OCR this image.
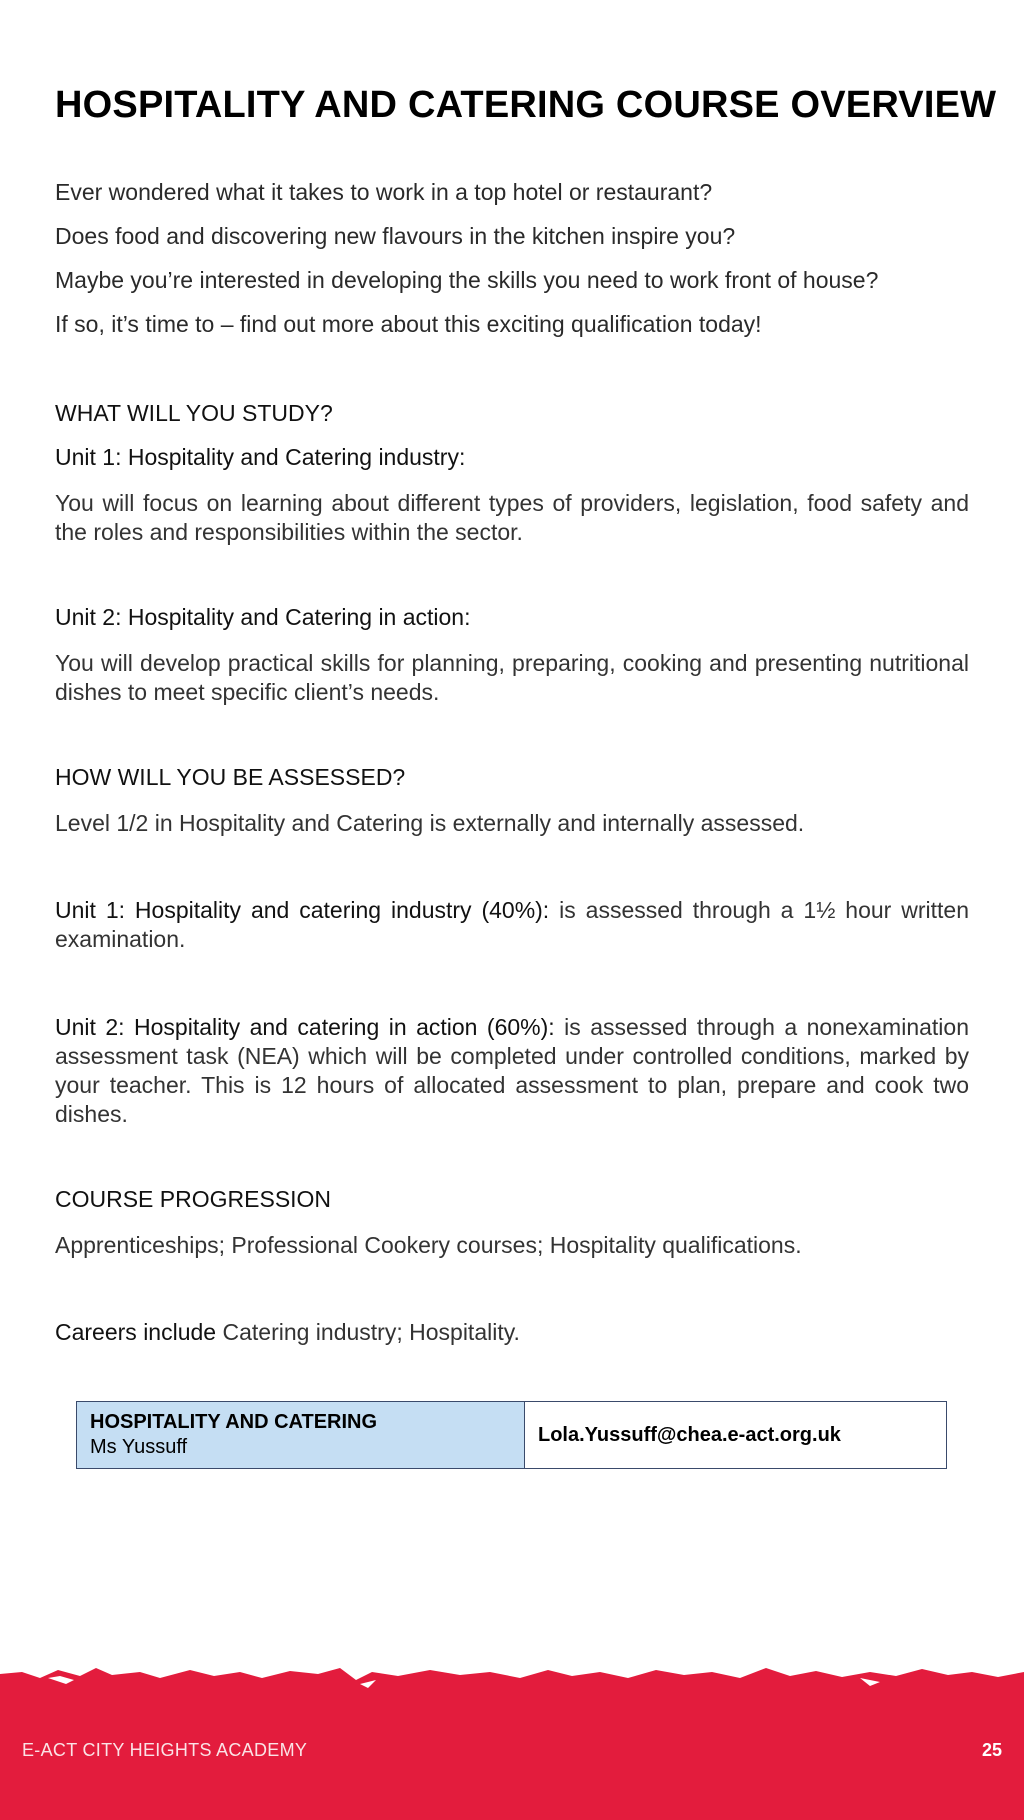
HOSPITALITY AND CATERING COURSE OVERVIEW

Ever wondered what it takes to work in a top hotel or restaurant?

Does food and discovering new flavours in the kitchen inspire you?

Maybe you’re interested in developing the skills you need to work front of house?

If so, it’s time to – find out more about this exciting qualification today!

WHAT WILL YOU STUDY?
Unit 1: Hospitality and Catering industry:

You will focus on learning about different types of providers, legislation, food safety and the roles and responsibilities within the sector.

Unit 2: Hospitality and Catering in action:

You will develop practical skills for planning, preparing, cooking and presenting nutritional dishes to meet specific client’s needs.

HOW WILL YOU BE ASSESSED?

Level 1/2 in Hospitality and Catering is externally and internally assessed.

Unit 1: Hospitality and catering industry (40%): is assessed through a 1½ hour written examination.

Unit 2: Hospitality and catering in action (60%): is assessed through a nonexamination assessment task (NEA) which will be completed under controlled conditions, marked by your teacher. This is 12 hours of allocated assessment to plan, prepare and cook two dishes.

COURSE PROGRESSION

Apprenticeships; Professional Cookery courses; Hospitality qualifications.

Careers include Catering industry; Hospitality.

HOSPITALITY AND CATERING
Ms Yussuff
Lola.Yussuff@chea.e-act.org.uk
E-ACT CITY HEIGHTS ACADEMY	25
